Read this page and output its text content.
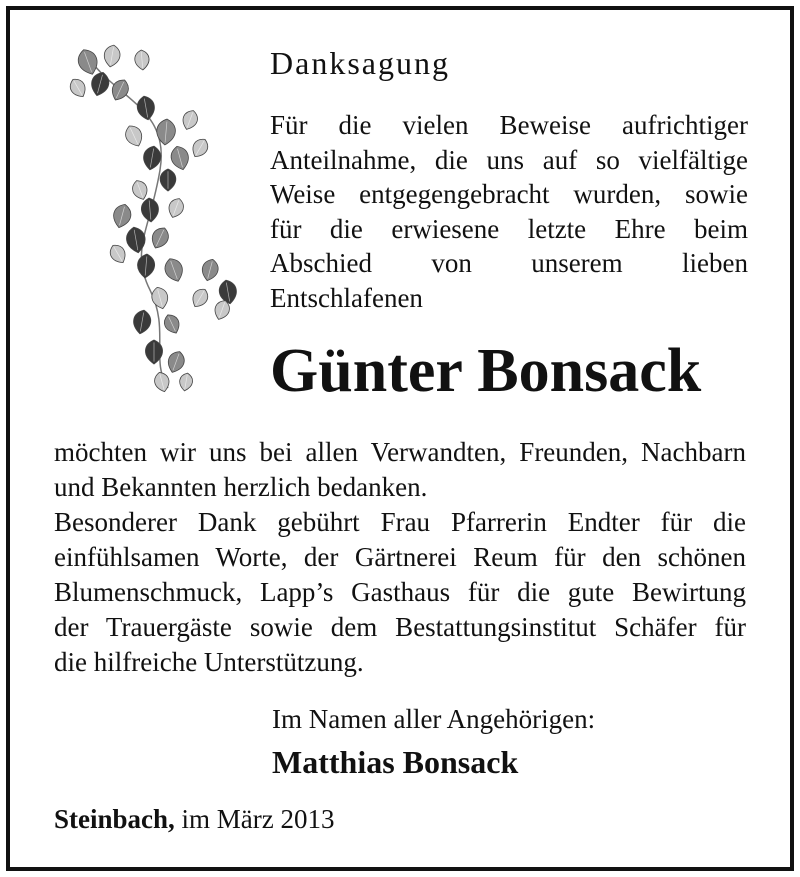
Danksagung
Für die vielen Beweise aufrichtiger
Anteilnahme, die uns auf so vielfältige
Weise entgegengebracht wurden, sowie
für die erwiesene letzte Ehre beim
Abschied von unserem lieben
Entschlafenen
Günter Bonsack
möchten wir uns bei allen Verwandten, Freunden, Nachbarn
und Bekannten herzlich bedanken.
Besonderer Dank gebührt Frau Pfarrerin Endter für die
einfühlsamen Worte, der Gärtnerei Reum für den schönen
Blumenschmuck, Lapp’s Gasthaus für die gute Bewirtung
der Trauergäste sowie dem Bestattungsinstitut Schäfer für
die hilfreiche Unterstützung.
Im Namen aller Angehörigen:
Matthias Bonsack
Steinbach, im März 2013
